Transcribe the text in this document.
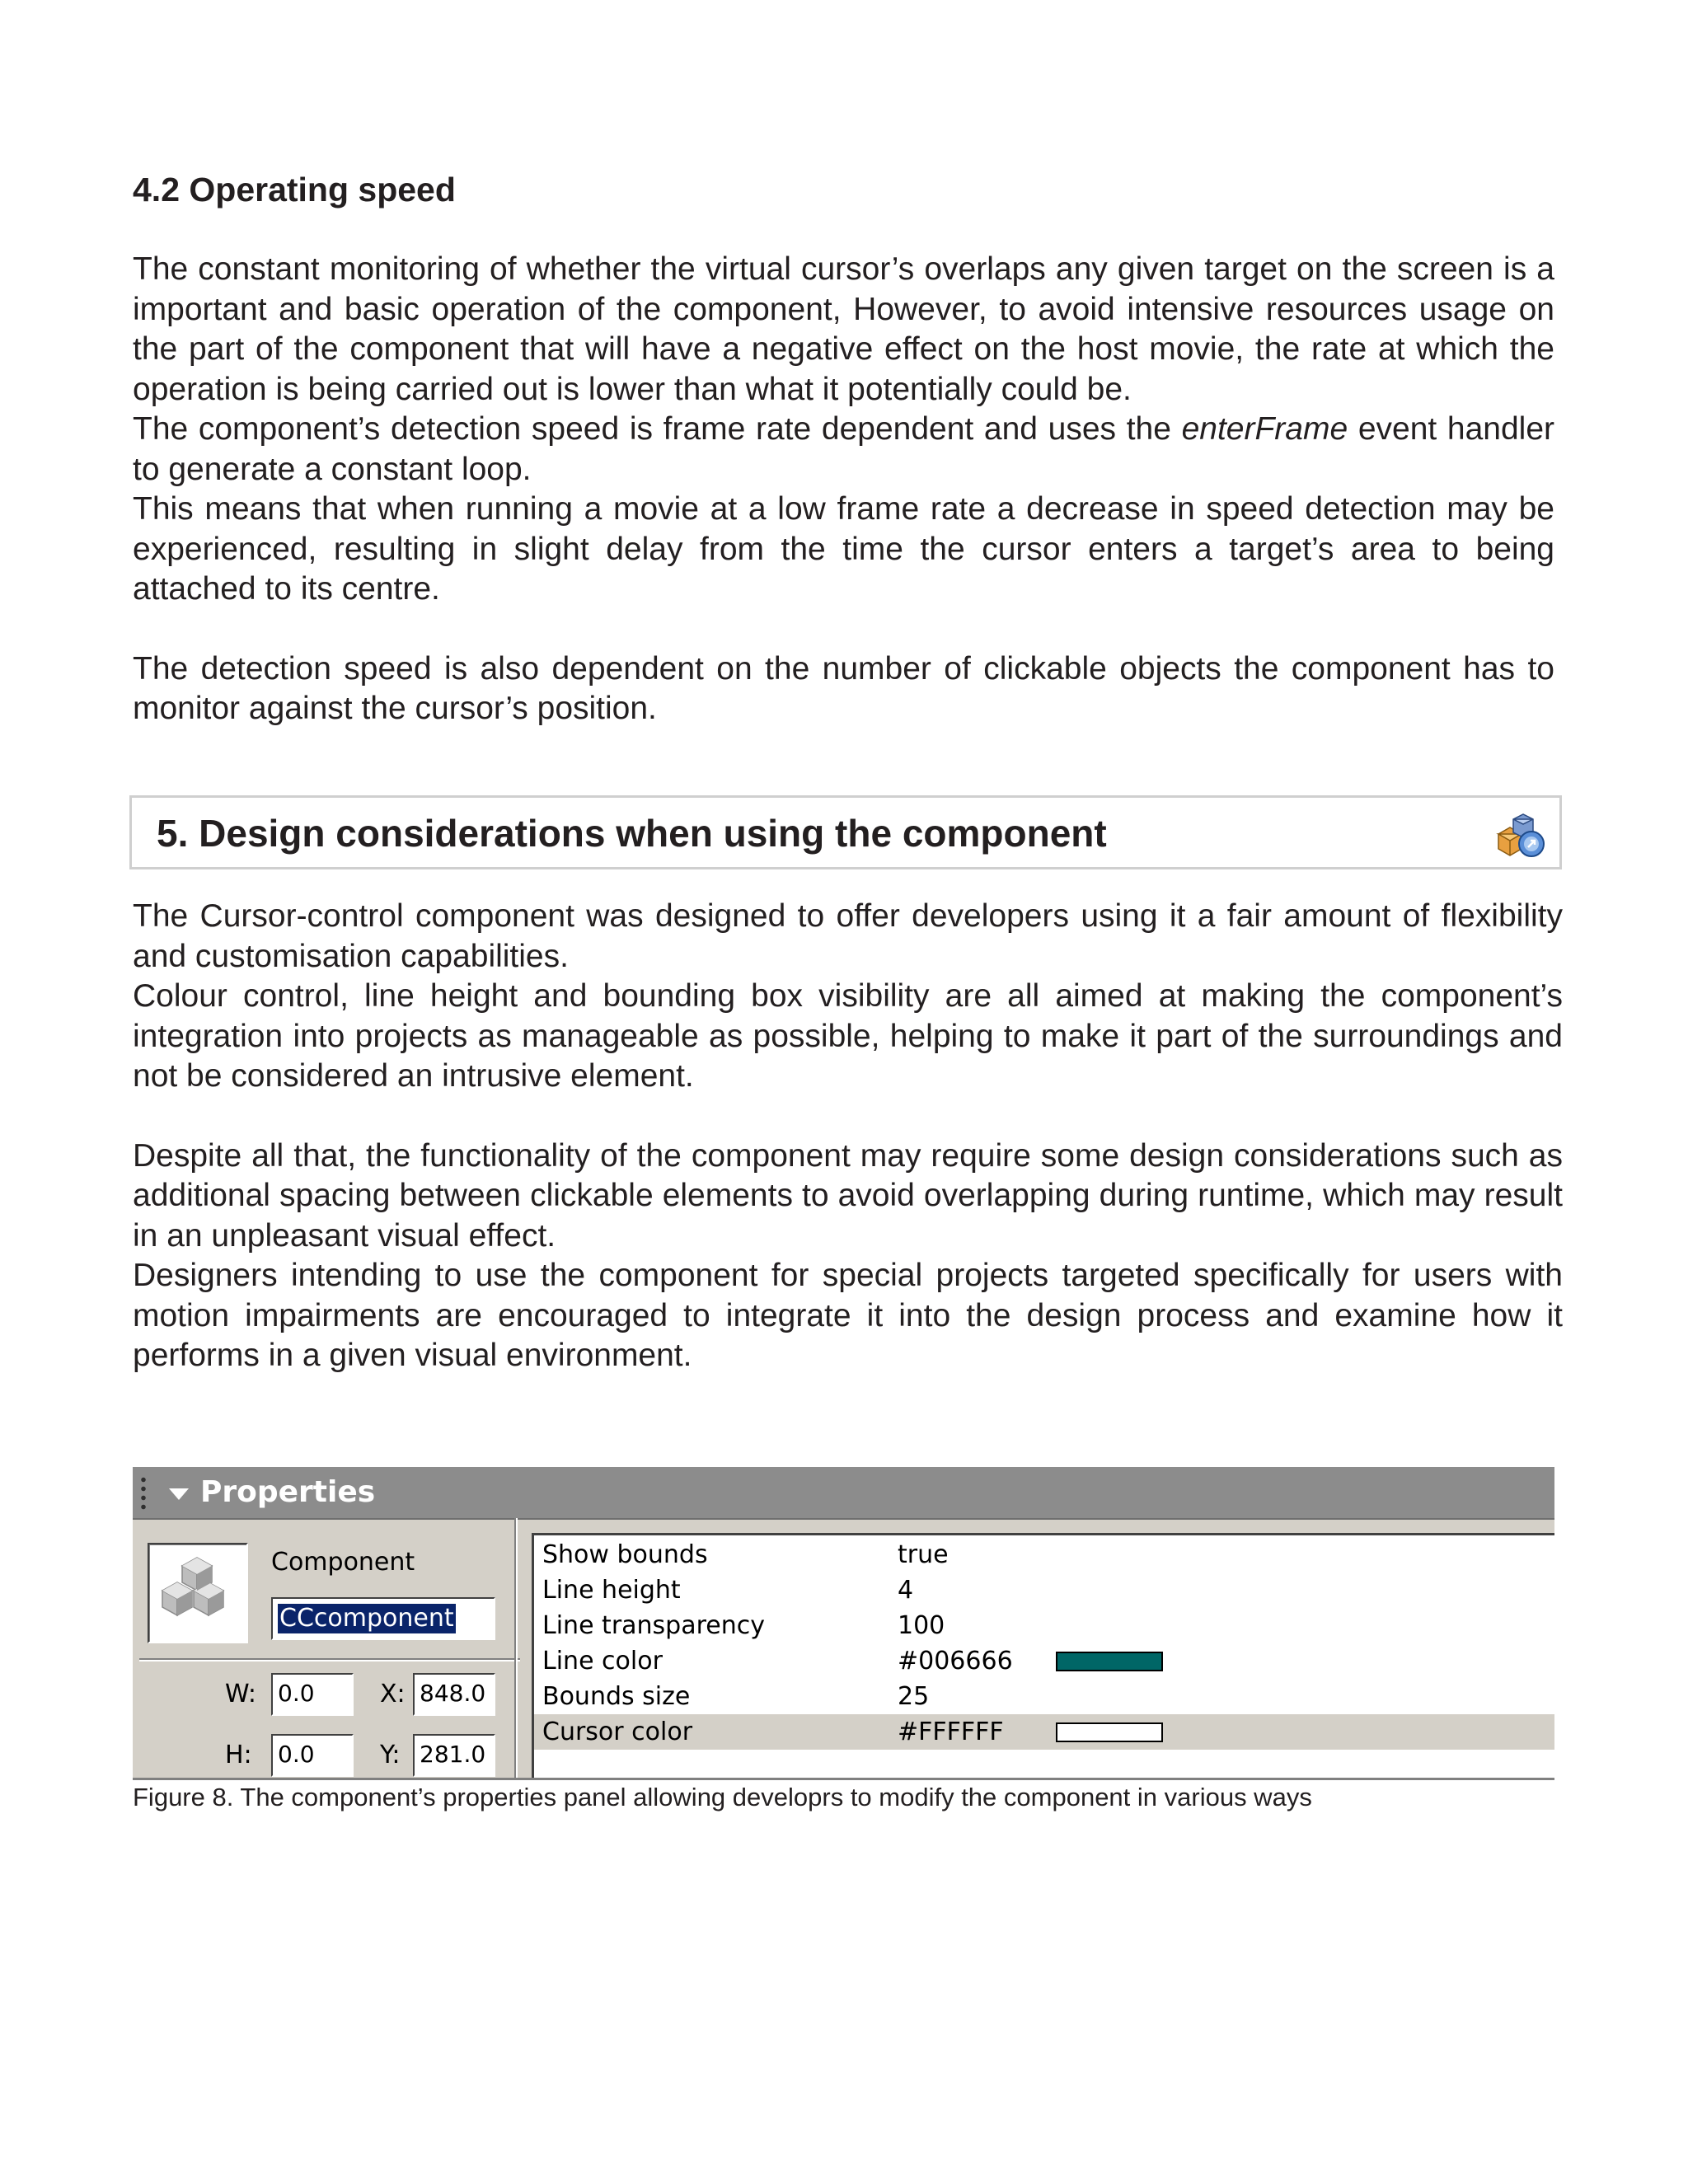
4.2 Operating speed

The constant monitoring of whether the virtual cursor’s overlaps any given target on the screen is a important and basic operation of the component, However, to avoid intensive resources usage on the part of the component that will have a negative effect on the host movie, the rate at which the operation is being carried out is lower than what it potentially could be.

The component’s detection speed is frame rate dependent and uses the enterFrame event handler to generate a constant loop.

This means that when running a movie at a low frame rate a decrease in speed detection may be experienced, resulting in slight delay from the time the cursor enters a target’s area to being attached to its centre.

The detection speed is also dependent on the number of clickable objects the component has to monitor against the cursor’s position.

5. Design considerations when using the component

The Cursor-control component was designed to offer developers using it a fair amount of flexibility and customisation capabilities.

Colour control, line height and bounding box visibility are all aimed at making the component’s integration into projects as manageable as possible, helping to make it part of the surroundings and not be considered an intrusive element.

Despite all that, the functionality of the component may require some design considerations such as additional spacing between clickable elements to avoid overlapping during runtime, which may result in an unpleasant visual effect.

Designers intending to use the component for special projects targeted specifically for users with motion impairments are encouraged to integrate it into the design process and examine how it performs in a given visual environment.

Properties
Component
CCcomponent
W: 0.0	X: 848.0
H: 0.0	Y: 281.0
Show bounds	true
Line height	4
Line transparency	100
Line color	#006666
Bounds size	25
Cursor color	#FFFFFF
Figure 8. The component’s properties panel allowing developrs to modify the component in various ways
